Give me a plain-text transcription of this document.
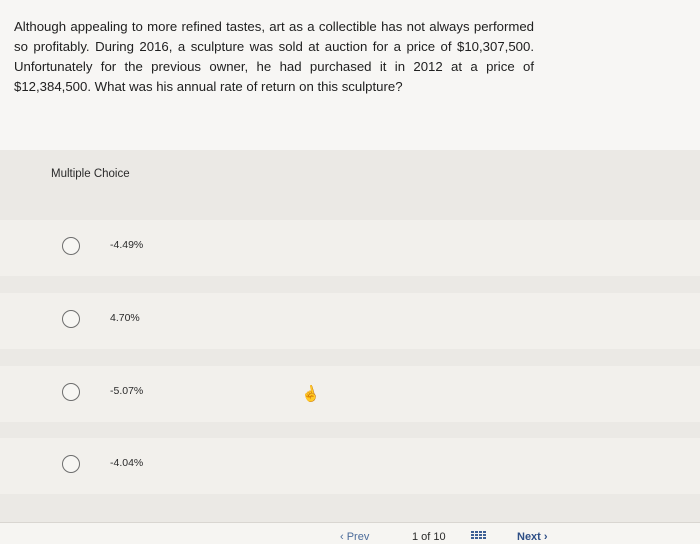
Although appealing to more refined tastes, art as a collectible has not always performed so profitably. During 2016, a sculpture was sold at auction for a price of $10,307,500. Unfortunately for the previous owner, he had purchased it in 2012 at a price of $12,384,500. What was his annual rate of return on this sculpture?

Multiple Choice
-4.49%
4.70%
-5.07%
-4.04%
☝
‹ Prev	1 of 10	Next ›
